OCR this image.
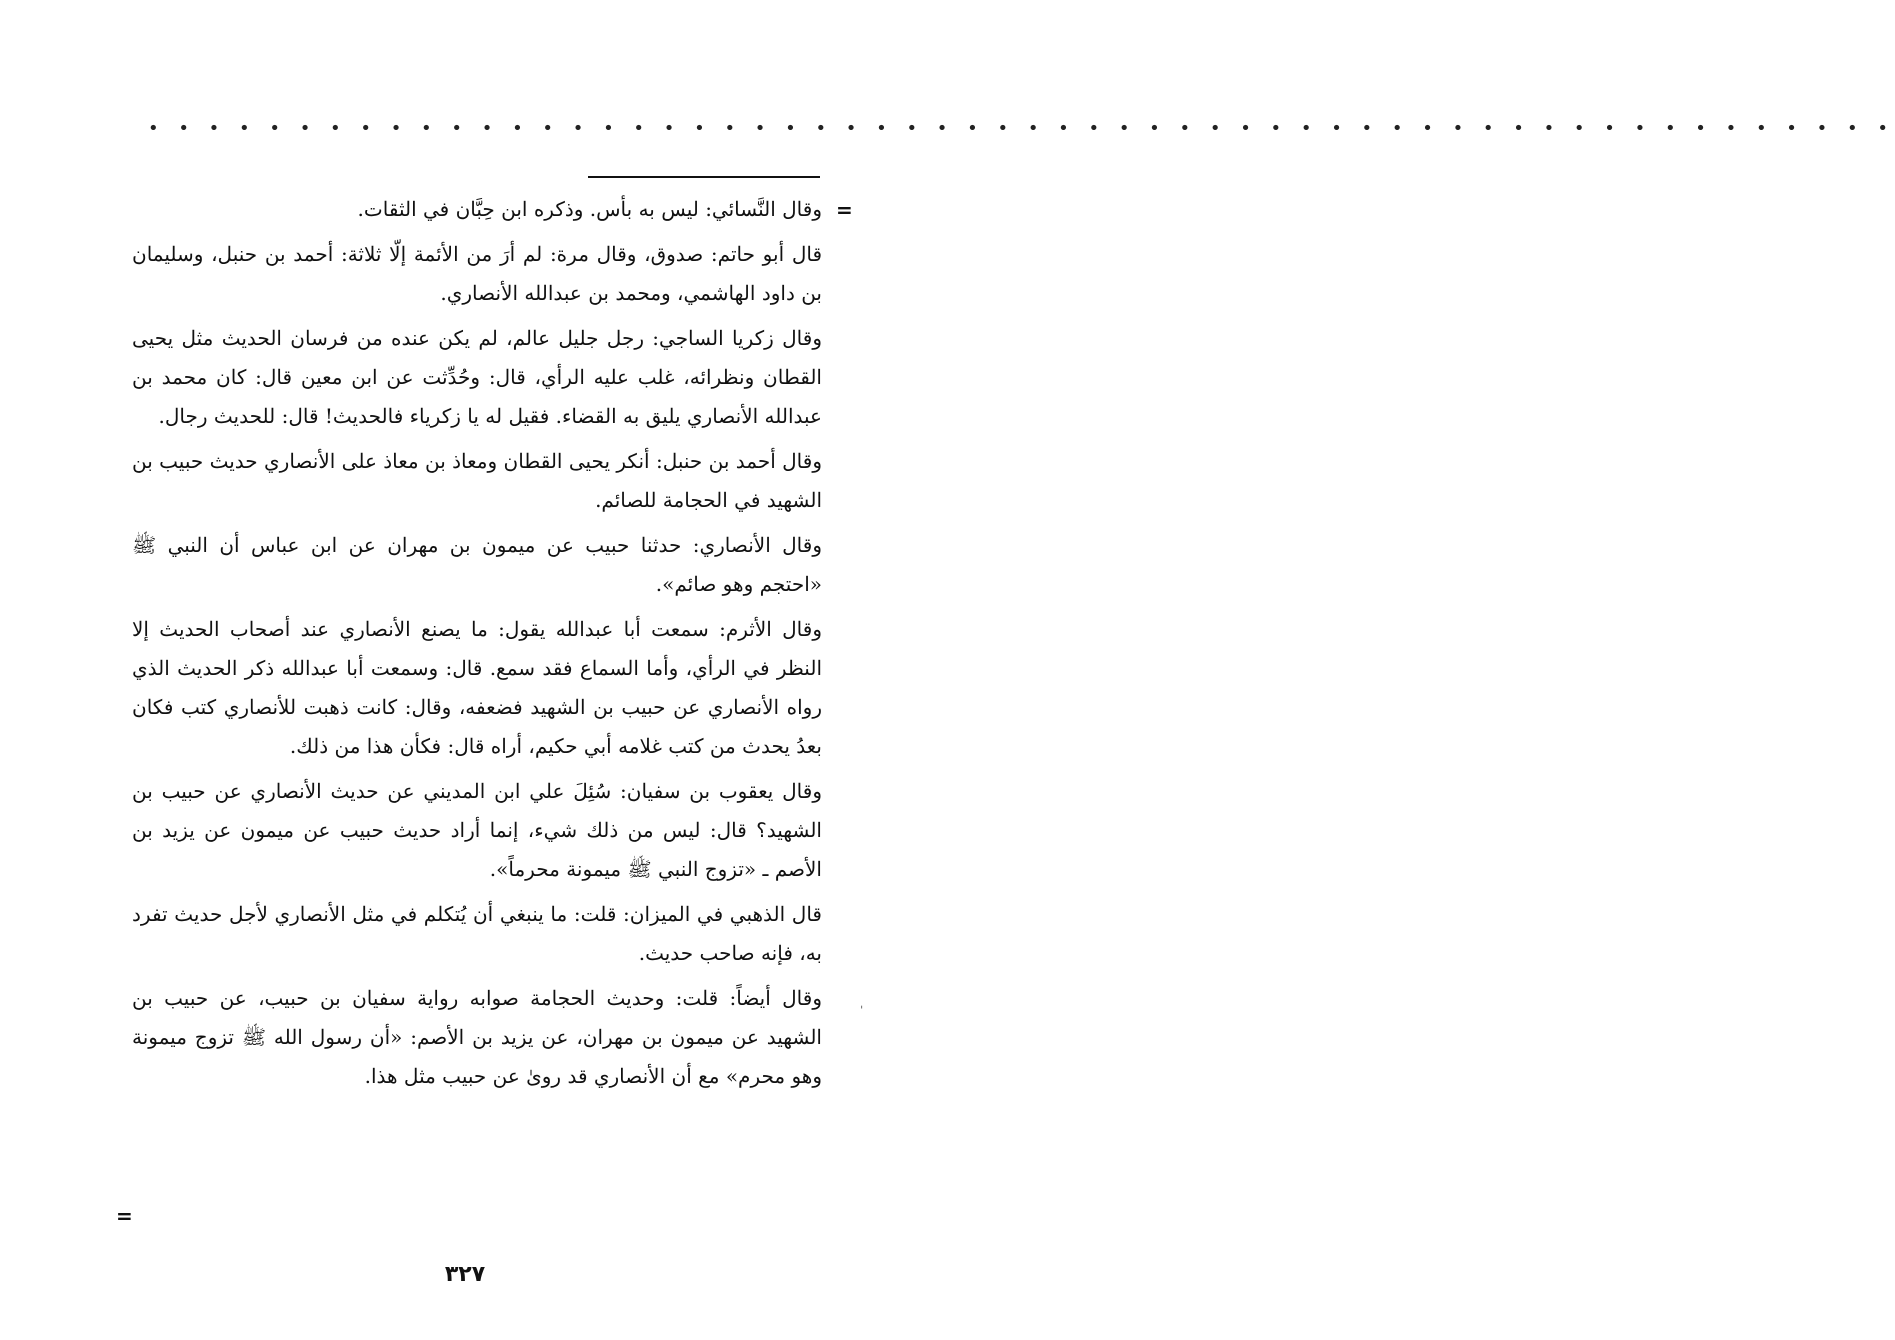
• • • • • • • • • • • • • • • • • • • • • • • • • • • • • • • • • • • • • • • • • • • • • • • • • • • • • • • • • •
=
ˈ

وقال النَّسائي: ليس به بأس. وذكره ابن حِبَّان في الثقات.

قال أبو حاتم: صدوق، وقال مرة: لم أرَ من الأئمة إلّا ثلاثة: أحمد بن حنبل، وسليمان بن داود الهاشمي، ومحمد بن عبدالله الأنصاري.

وقال زكريا الساجي: رجل جليل عالم، لم يكن عنده من فرسان الحديث مثل يحيى القطان ونظرائه، غلب عليه الرأي، قال: وحُدِّثت عن ابن معين قال: كان محمد بن عبدالله الأنصاري يليق به القضاء. فقيل له يا زكرياء فالحديث! قال: للحديث رجال.

وقال أحمد بن حنبل: أنكر يحيى القطان ومعاذ بن معاذ على الأنصاري حديث حبيب بن الشهيد في الحجامة للصائم.

وقال الأنصاري: حدثنا حبيب عن ميمون بن مهران عن ابن عباس أن النبي ﷺ «احتجم وهو صائم».

وقال الأثرم: سمعت أبا عبدالله يقول: ما يصنع الأنصاري عند أصحاب الحديث إلا النظر في الرأي، وأما السماع فقد سمع. قال: وسمعت أبا عبدالله ذكر الحديث الذي رواه الأنصاري عن حبيب بن الشهيد فضعفه، وقال: كانت ذهبت للأنصاري كتب فكان بعدُ يحدث من كتب غلامه أبي حكيم، أراه قال: فكأن هذا من ذلك.

وقال يعقوب بن سفيان: سُئِلَ علي ابن المديني عن حديث الأنصاري عن حبيب بن الشهيد؟ قال: ليس من ذلك شيء، إنما أراد حديث حبيب عن ميمون عن يزيد بن الأصم ـ «تزوج النبي ﷺ ميمونة محرماً».

قال الذهبي في الميزان: قلت: ما ينبغي أن يُتكلم في مثل الأنصاري لأجل حديث تفرد به، فإنه صاحب حديث.

وقال أيضاً: قلت: وحديث الحجامة صوابه رواية سفيان بن حبيب، عن حبيب بن الشهيد عن ميمون بن مهران، عن يزيد بن الأصم: «أن رسول الله ﷺ تزوج ميمونة وهو محرم» مع أن الأنصاري قد روىٰ عن حبيب مثل هذا.

=
٣٢٧
